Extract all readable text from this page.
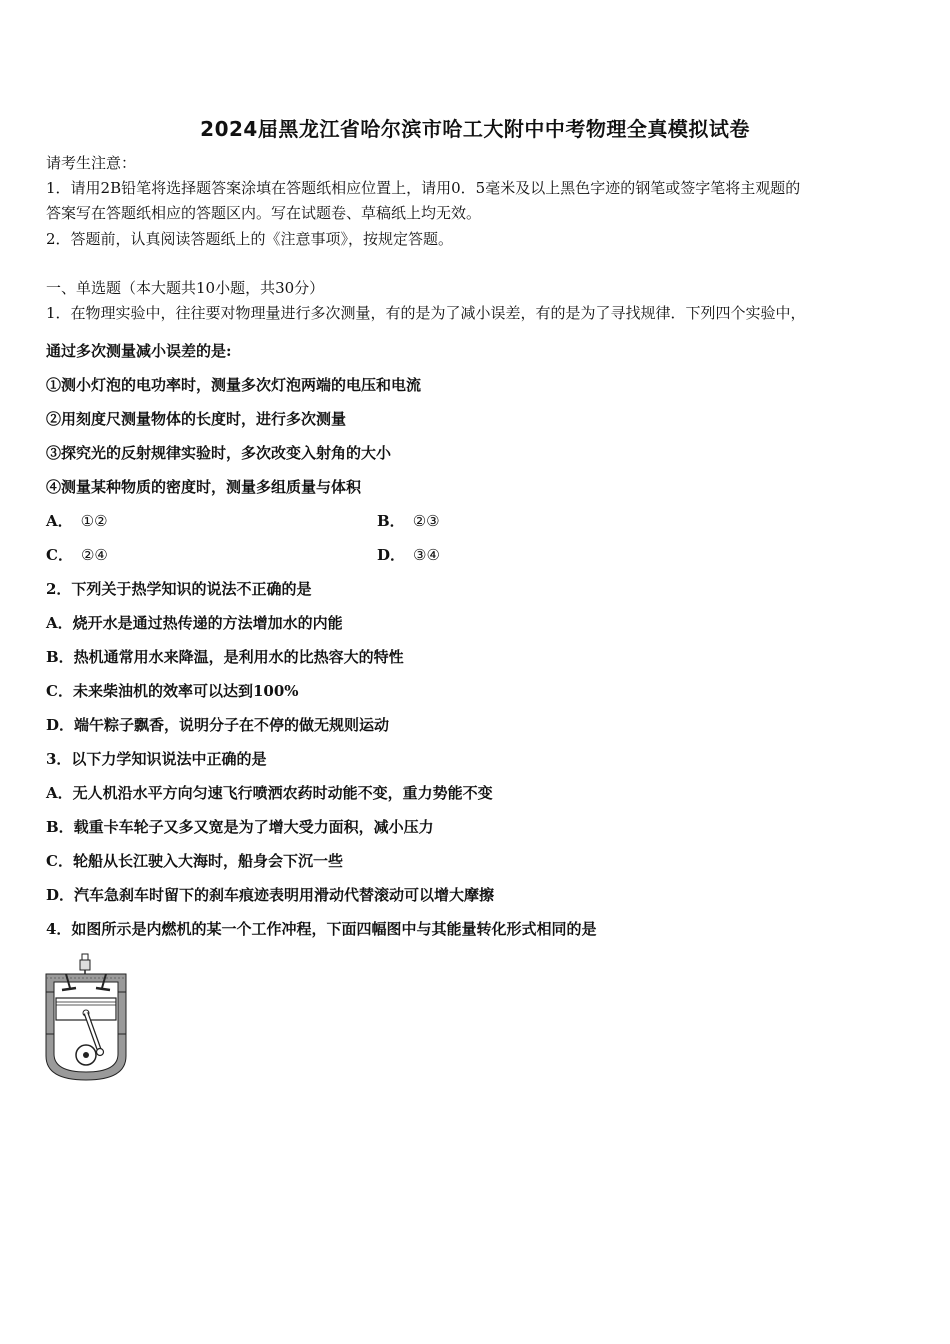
2024届黑龙江省哈尔滨市哈工大附中中考物理全真模拟试卷
请考生注意：
1．请用2B铅笔将选择题答案涂填在答题纸相应位置上，请用0．5毫米及以上黑色字迹的钢笔或签字笔将主观题的
答案写在答题纸相应的答题区内。写在试题卷、草稿纸上均无效。
2．答题前，认真阅读答题纸上的《注意事项》，按规定答题。
一、单选题（本大题共10小题，共30分）
1．在物理实验中，往往要对物理量进行多次测量，有的是为了减小误差，有的是为了寻找规律．下列四个实验中，
通过多次测量减小误差的是:
①测小灯泡的电功率时，测量多次灯泡两端的电压和电流
②用刻度尺测量物体的长度时，进行多次测量
③探究光的反射规律实验时，多次改变入射角的大小
④测量某种物质的密度时，测量多组质量与体积
A． ①②	B． ②③
C． ②④	D． ③④
2．下列关于热学知识的说法不正确的是
A．烧开水是通过热传递的方法增加水的内能
B．热机通常用水来降温，是利用水的比热容大的特性
C．未来柴油机的效率可以达到100%
D．端午粽子飘香，说明分子在不停的做无规则运动
3．以下力学知识说法中正确的是
A．无人机沿水平方向匀速飞行喷洒农药时动能不变，重力势能不变
B．载重卡车轮子又多又宽是为了增大受力面积，减小压力
C．轮船从长江驶入大海时，船身会下沉一些
D．汽车急刹车时留下的刹车痕迹表明用滑动代替滚动可以增大摩擦
4．如图所示是内燃机的某一个工作冲程，下面四幅图中与其能量转化形式相同的是
